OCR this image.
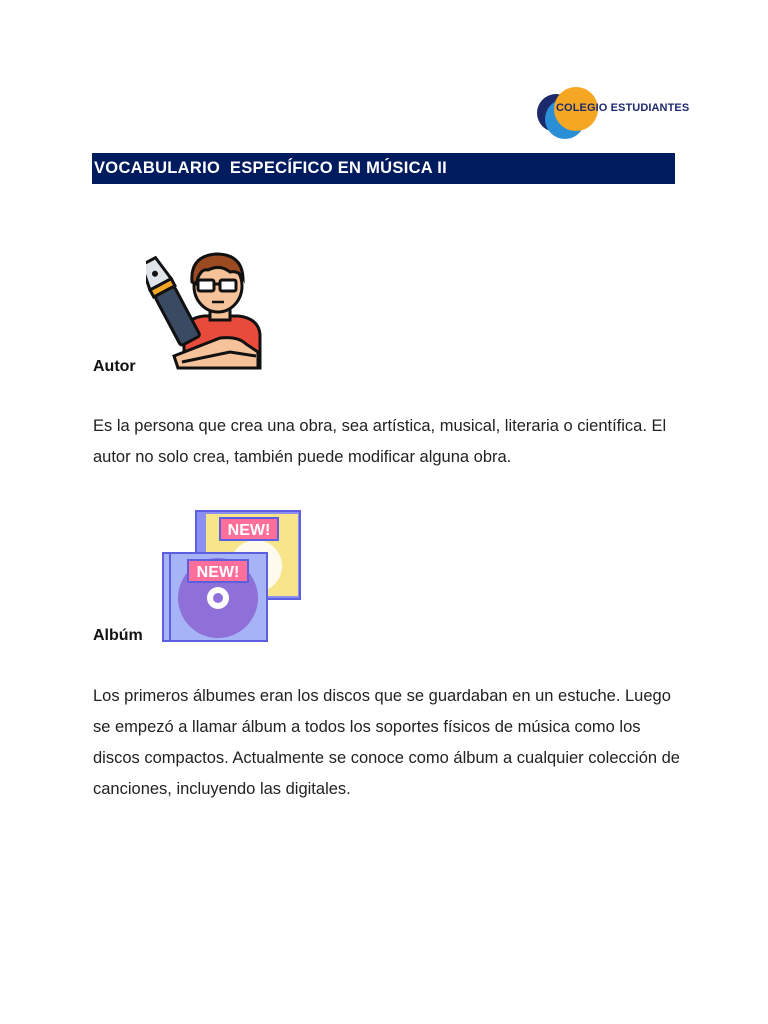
COLEGIO ESTUDIANTES
VOCABULARIO  ESPECÍFICO EN MÚSICA II
Autor

Es la persona que crea una obra, sea artística, musical, literaria o científica. El autor no solo crea, también puede modificar alguna obra.

NEW!
NEW!
Albúm

Los primeros álbumes eran los discos que se guardaban en un estuche. Luego se empezó a llamar álbum a todos los soportes físicos de música como los discos compactos. Actualmente se conoce como álbum a cualquier colección de canciones, incluyendo las digitales.
